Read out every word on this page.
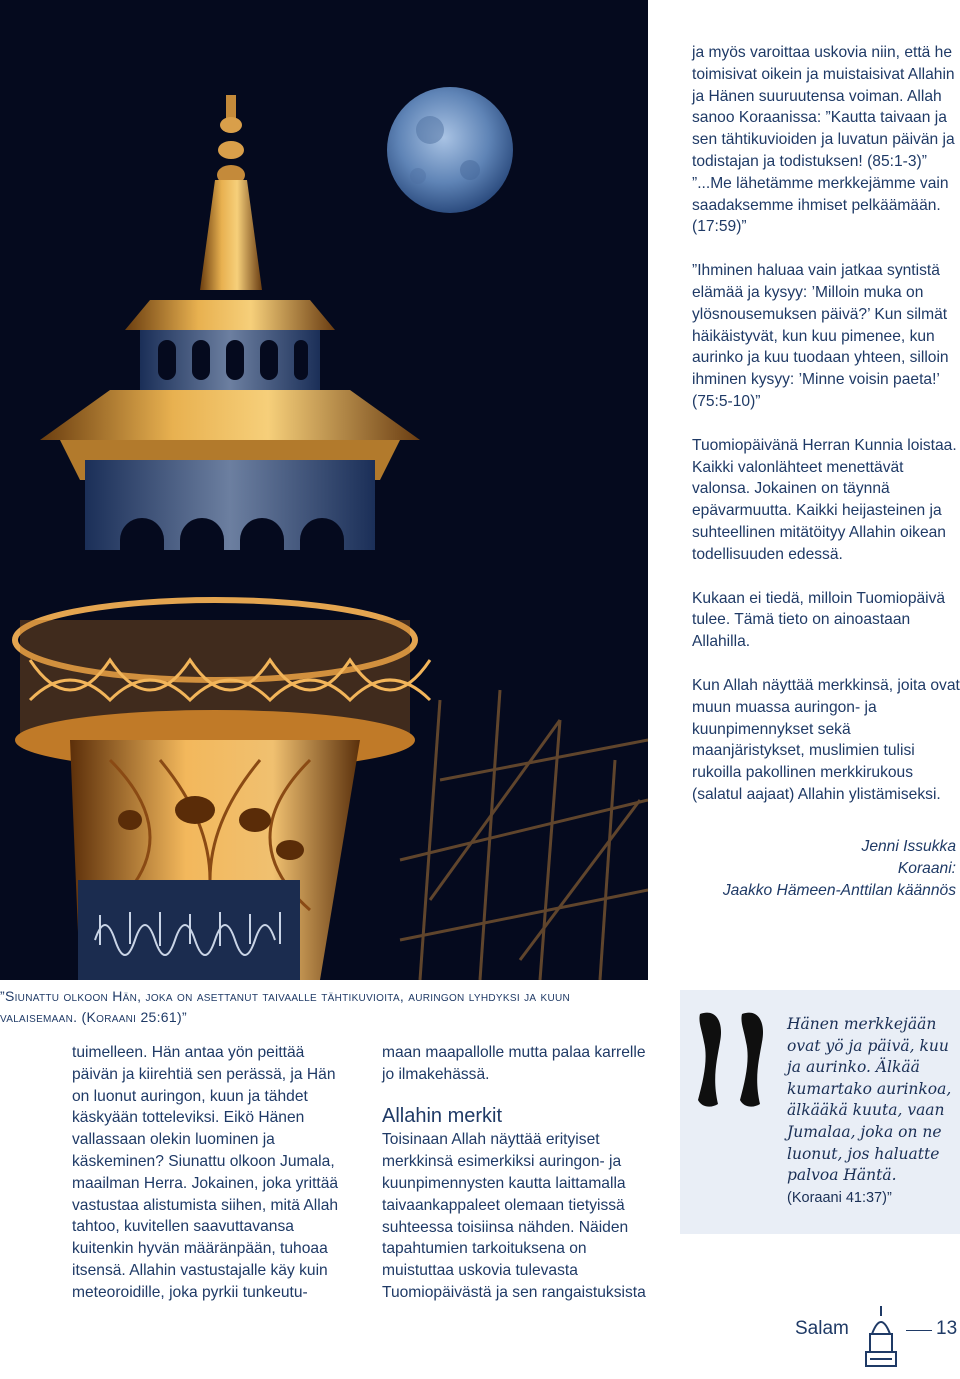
ja myös varoittaa uskovia niin, että he toimisivat oikein ja muistaisivat Allahin ja Hänen suuruutensa voiman. Allah sanoo Koraanissa: ”Kautta taivaan ja sen tähtikuvioiden ja luvatun päivän ja todistajan ja todistuksen! (85:1-3)” ”...Me lähetämme merkkejämme vain saadaksemme ihmiset pelkäämään. (17:59)”

”Ihminen haluaa vain jatkaa syntistä elämää ja kysyy: ’Milloin muka on ylösnousemuksen päivä?’ Kun silmät häikäistyvät, kun kuu pimenee, kun aurinko ja kuu tuodaan yhteen, silloin ihminen kysyy: ’Minne voisin paeta!’ (75:5-10)”

Tuomiopäivänä Herran Kunnia loistaa. Kaikki valonlähteet menettävät valonsa. Jokainen on täynnä epävarmuutta. Kaikki heijasteinen ja suhteellinen mitätöityy Allahin oikean todellisuuden edessä.

Kukaan ei tiedä, milloin Tuomiopäivä tulee. Tämä tieto on ainoastaan Allahilla.

Kun Allah näyttää merkkinsä, joita ovat muun muassa auringon- ja kuunpimennykset sekä maanjäristykset, muslimien tulisi rukoilla pakollinen merkkirukous (salatul aajaat) Allahin ylistämiseksi.

Jenni Issukka
Koraani:
Jaakko Hämeen-Anttilan käännös
”Siunattu olkoon Hän, joka on asettanut taivaalle tähtikuvioita, auringon lyhdyksi ja kuun valaisemaan. (Koraani 25:61)”

tuimelleen. Hän antaa yön peittää päivän ja kiirehtiä sen perässä, ja Hän on luonut auringon, kuun ja tähdet käskyään totteleviksi. Eikö Hänen vallassaan olekin luominen ja käskeminen? Siunattu olkoon Jumala, maailman Herra. Jokainen, joka yrittää vastustaa alistumista siihen, mitä Allah tahtoo, kuvitellen saavuttavansa kuitenkin hyvän määränpään, tuhoaa itsensä. Allahin vastustajalle käy kuin meteoroidille, joka pyrkii tunkeutu-

maan maapallolle mutta palaa karrelle jo ilmakehässä.

Allahin merkit

Toisinaan Allah näyttää erityiset merkkinsä esimerkiksi auringon- ja kuunpimennysten kautta laittamalla taivaankappaleet olemaan tietyissä suhteessa toisiinsa nähden. Näiden tapahtumien tarkoituksena on muistuttaa uskovia tulevasta Tuomiopäivästä ja sen rangaistuksista

Hänen merkkejään ovat yö ja päivä, kuu ja aurinko. Älkää kumartako aurinkoa, älkääkä kuuta, vaan Jumalaa, joka on ne luonut, jos haluatte palvoa Häntä.
(Koraani 41:37)”
Salam	13
